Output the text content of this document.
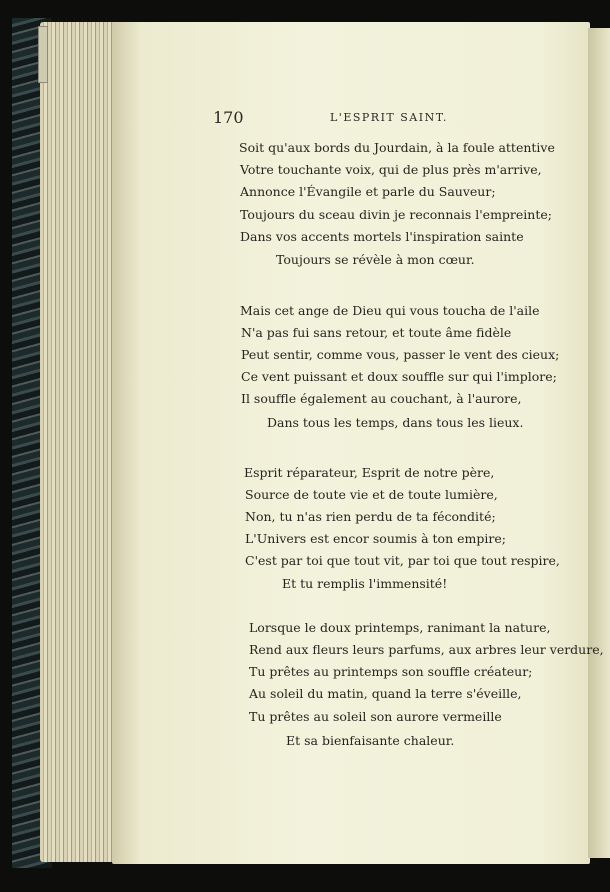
170	L'ESPRIT SAINT.
Soit qu'aux bords du Jourdain, à la foule attentive
Votre touchante voix, qui de plus près m'arrive,
Annonce l'Évangile et parle du Sauveur;
Toujours du sceau divin je reconnais l'empreinte;
Dans vos accents mortels l'inspiration sainte
Toujours se révèle à mon cœur.
Mais cet ange de Dieu qui vous toucha de l'aile
N'a pas fui sans retour, et toute âme fidèle
Peut sentir, comme vous, passer le vent des cieux;
Ce vent puissant et doux souffle sur qui l'implore;
Il souffle également au couchant, à l'aurore,
Dans tous les temps, dans tous les lieux.
Esprit réparateur, Esprit de notre père,
Source de toute vie et de toute lumière,
Non, tu n'as rien perdu de ta fécondité;
L'Univers est encor soumis à ton empire;
C'est par toi que tout vit, par toi que tout respire,
Et tu remplis l'immensité!
Lorsque le doux printemps, ranimant la nature,
Rend aux fleurs leurs parfums, aux arbres leur verdure,
Tu prêtes au printemps son souffle créateur;
Au soleil du matin, quand la terre s'éveille,
Tu prêtes au soleil son aurore vermeille
Et sa bienfaisante chaleur.
